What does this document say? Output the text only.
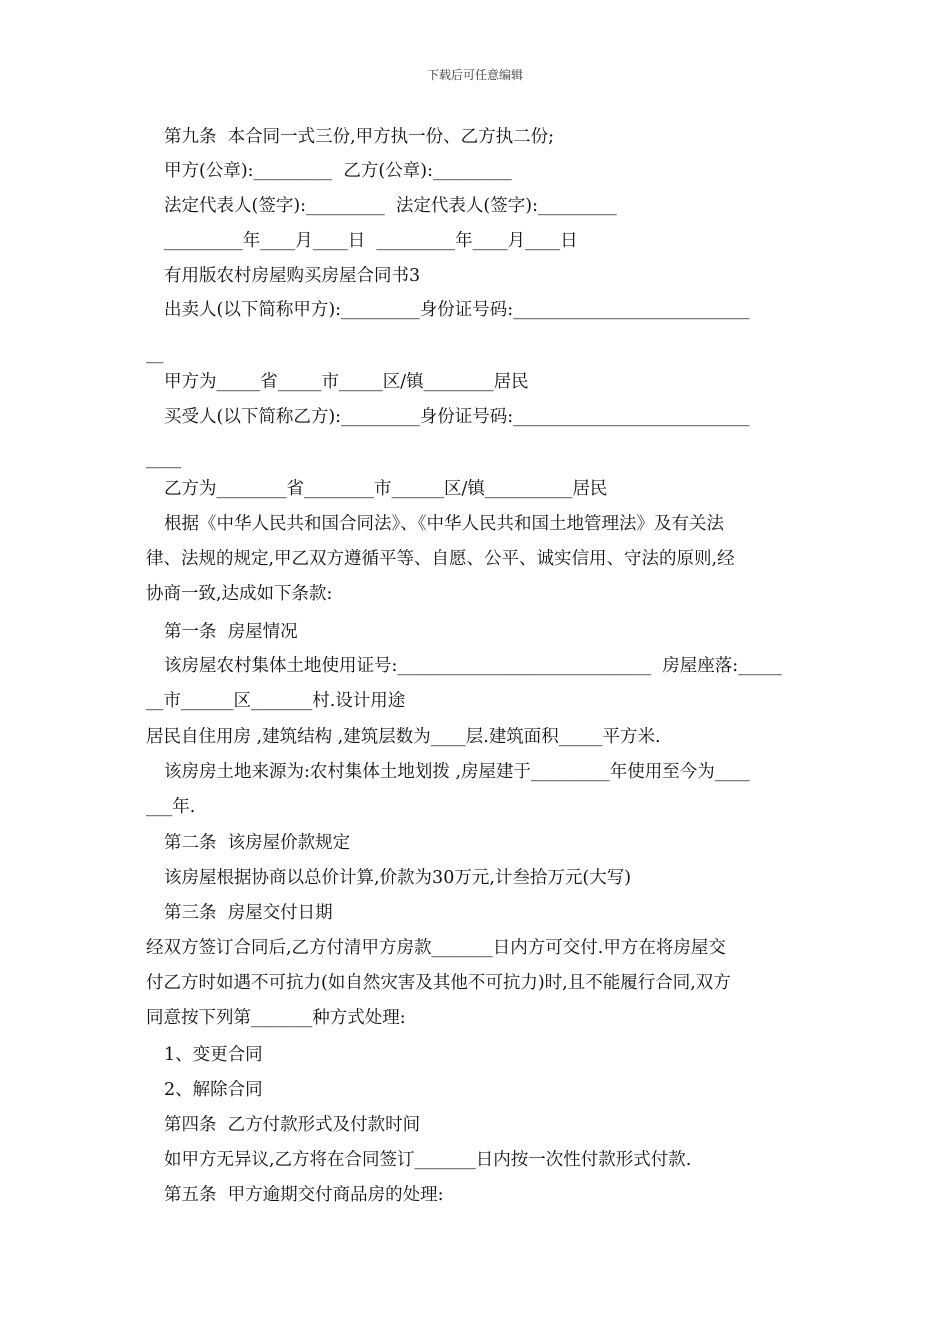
下载后可任意编辑
第九条  本合同一式三份,甲方执一份、乙方执二份;
甲方(公章):_________  乙方(公章):_________
法定代表人(签字):_________  法定代表人(签字):_________
_________年____月____日  _________年____月____日
有用版农村房屋购买房屋合同书3
出卖人(以下简称甲方):_________身份证号码:___________________________
__
甲方为_____省_____市_____区/镇________居民
买受人(以下简称乙方):_________身份证号码:___________________________
____
乙方为________省________市______区/镇__________居民
根据《中华人民共和国合同法》、《中华人民共和国土地管理法》及有关法
律、法规的规定,甲乙双方遵循平等、自愿、公平、诚实信用、守法的原则,经
协商一致,达成如下条款:
第一条  房屋情况
该房屋农村集体土地使用证号:_____________________________  房屋座落:_____
__市______区_______村.设计用途
居民自住用房 ,建筑结构 ,建筑层数为____层.建筑面积_____平方米.
该房房土地来源为:农村集体土地划拨 ,房屋建于_________年使用至今为____
___年.
第二条  该房屋价款规定
该房屋根据协商以总价计算,价款为30万元,计叁拾万元(大写)
第三条  房屋交付日期
经双方签订合同后,乙方付清甲方房款_______日内方可交付.甲方在将房屋交
付乙方时如遇不可抗力(如自然灾害及其他不可抗力)时,且不能履行合同,双方
同意按下列第_______种方式处理:
1、变更合同
2、解除合同
第四条  乙方付款形式及付款时间
如甲方无异议,乙方将在合同签订_______日内按一次性付款形式付款.
第五条  甲方逾期交付商品房的处理:
